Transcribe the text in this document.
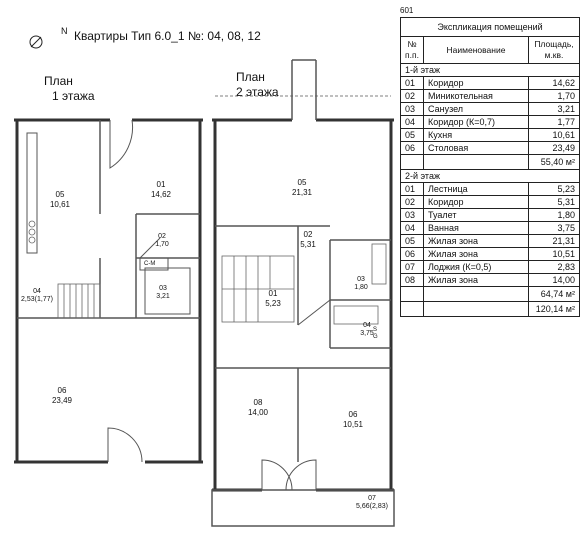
N Квартиры Тип 6.0_1 №: 04, 08, 12
План
1 этажа
План
2 этажа
С-М
S
G
05
10,61
01
14,62
02
1,70
03
3,21
04
2,53(1,77)
06
23,49
05
21,31
02
5,31
03
1,80
01
5,23
04
3,75
08
14,00	06
10,51
07
5,66(2,83)
601
Экспликация помещений		
№ п.п.	Наименование	Площадь, м.кв.
1-й этаж		
01	Коридор	14,62
02	Миникотельная	1,70
03	Санузел	3,21
04	Коридор (К=0,7)	1,77
05	Кухня	10,61
06	Столовая	23,49
		55,40 м²
2-й этаж		
01	Лестница	5,23
02	Коридор	5,31
03	Туалет	1,80
04	Ванная	3,75
05	Жилая зона	21,31
06	Жилая зона	10,51
07	Лоджия (К=0,5)	2,83
08	Жилая зона	14,00
		64,74 м²
		120,14 м²
